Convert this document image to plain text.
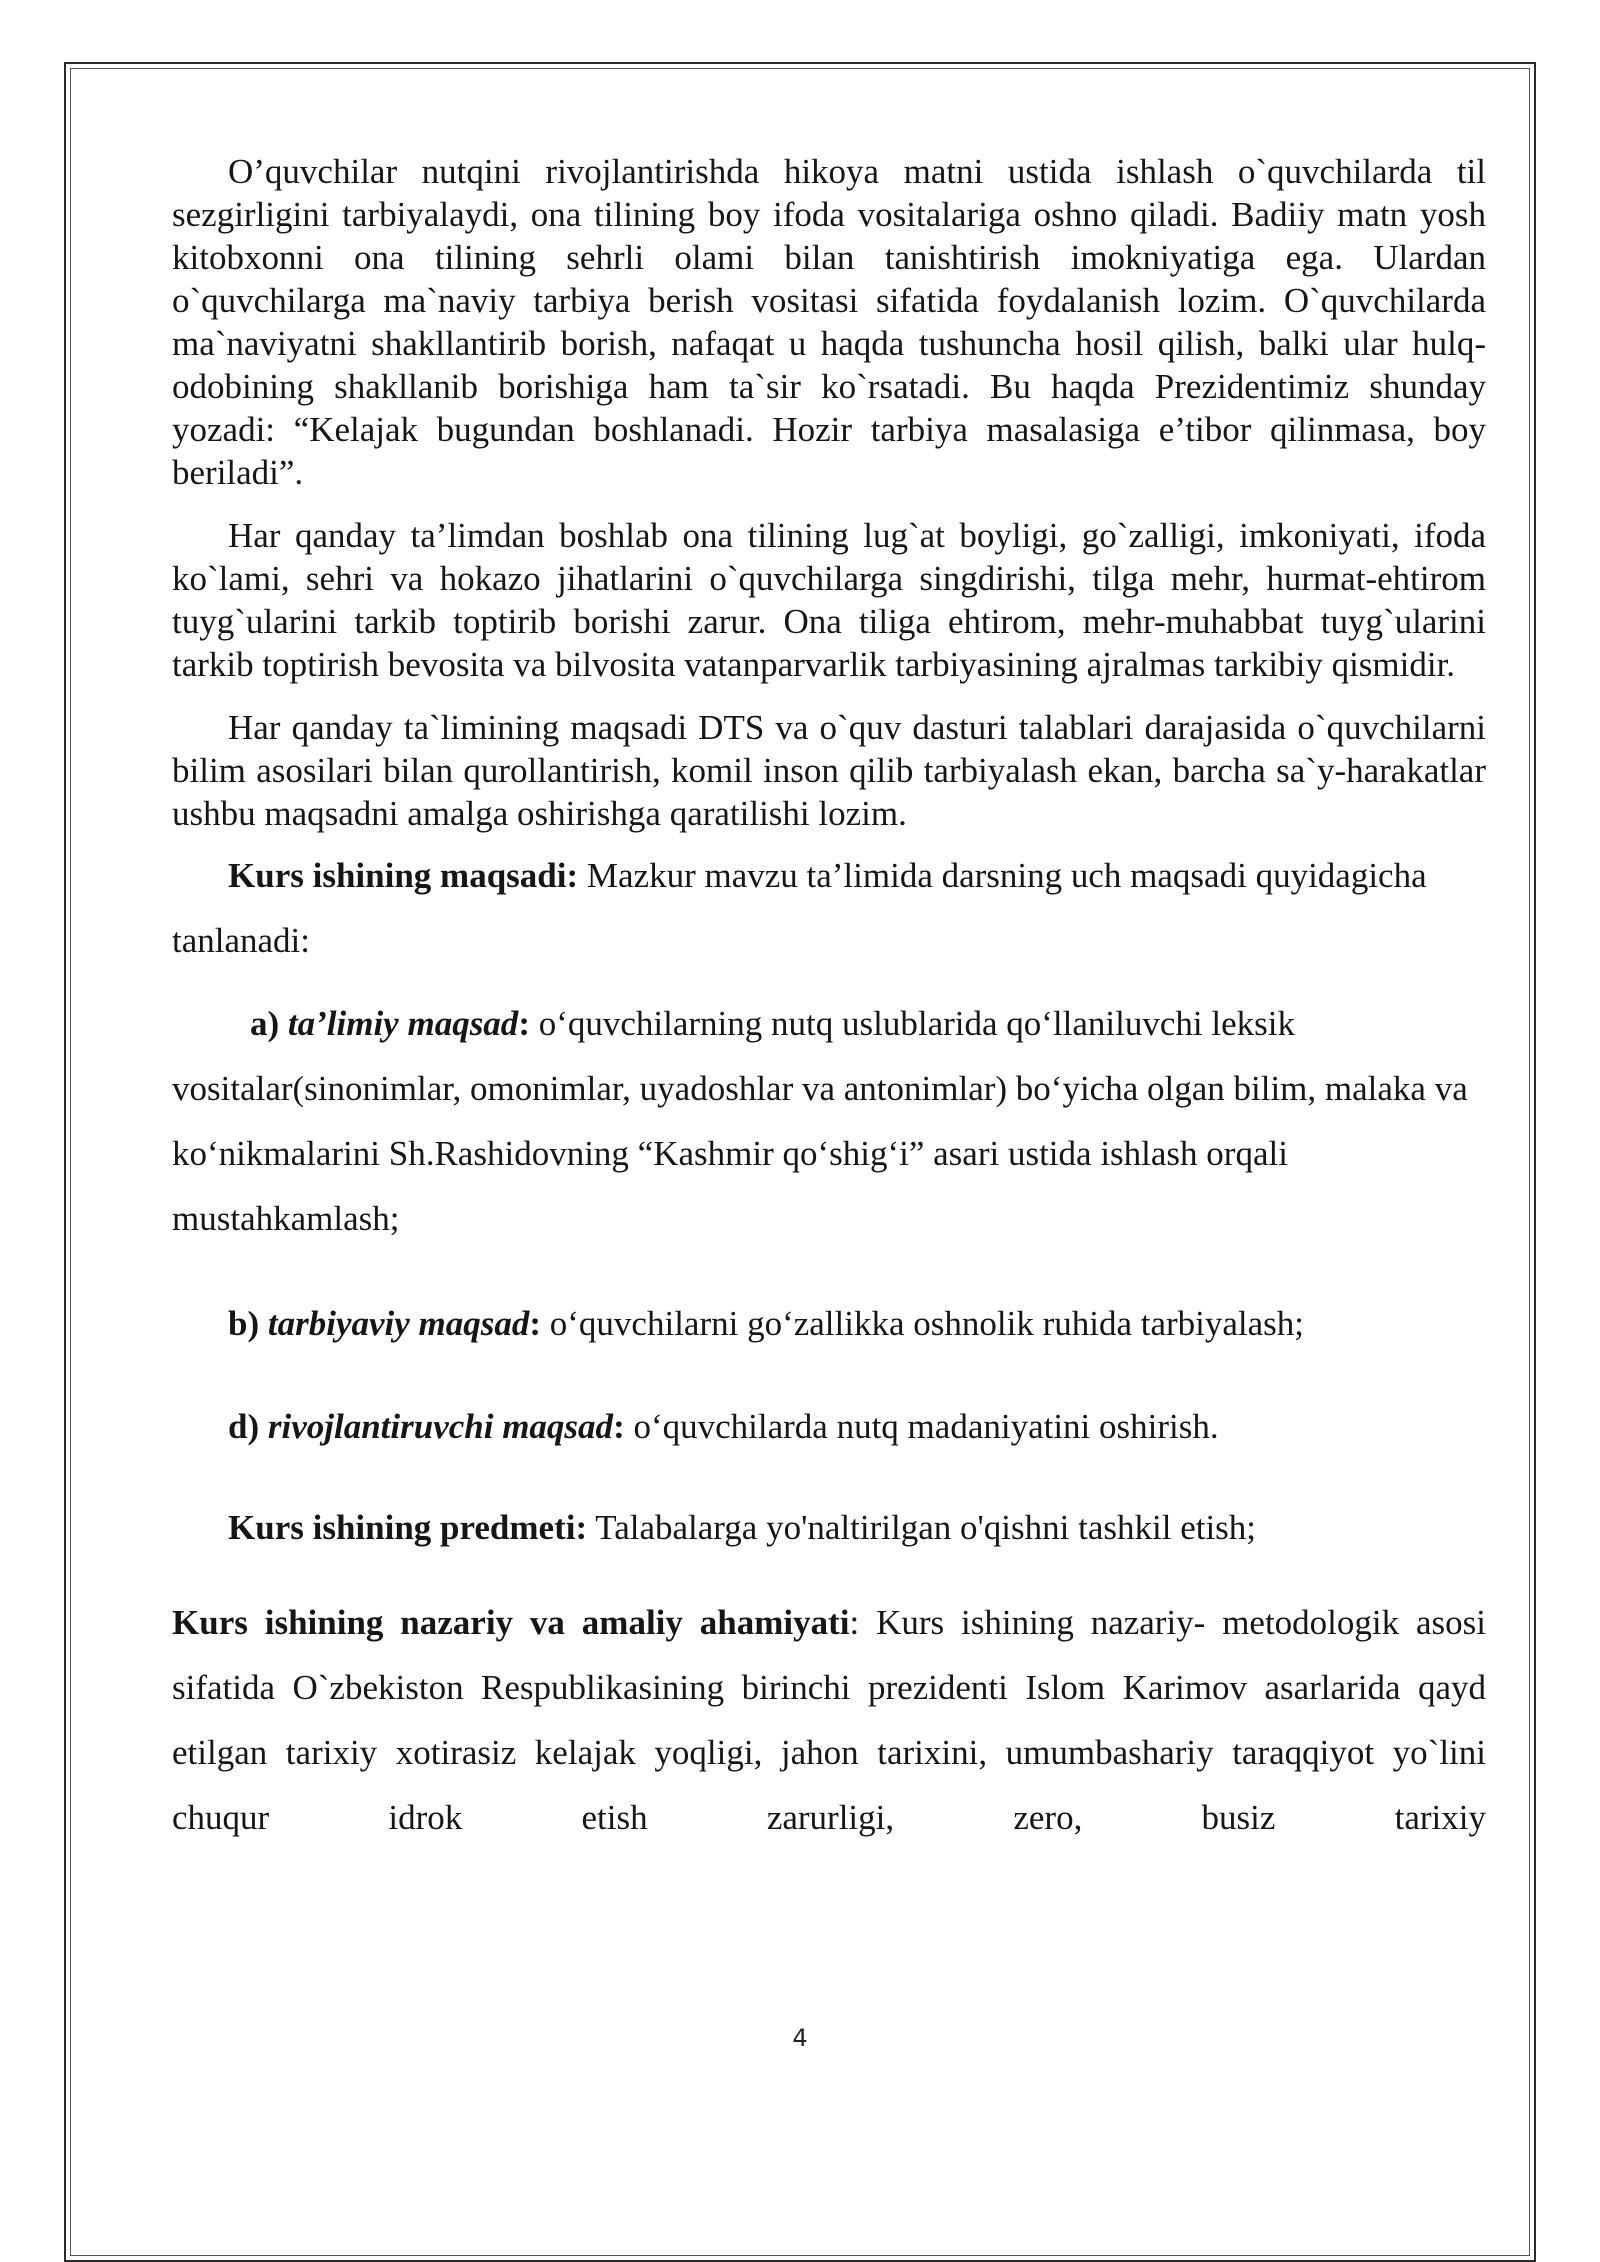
O’quvchilar nutqini rivojlantirishda hikoya matni ustida ishlash o`quvchilarda til sezgirligini tarbiyalaydi, ona tilining boy ifoda vositalariga oshno qiladi. Badiiy matn yosh kitobxonni ona tilining sehrli olami bilan tanishtirish imokniyatiga ega. Ulardan o`quvchilarga ma`naviy tarbiya berish vositasi sifatida foydalanish lozim. O`quvchilarda ma`naviyatni shakllantirib borish, nafaqat u haqda tushuncha hosil qilish, balki ular hulq-odobining shakllanib borishiga ham ta`sir ko`rsatadi. Bu haqda Prezidentimiz shunday yozadi: “Kelajak bugundan boshlanadi. Hozir tarbiya masalasiga e’tibor qilinmasa, boy beriladi”.

Har qanday ta’limdan boshlab ona tilining lug`at boyligi, go`zalligi, imkoniyati, ifoda ko`lami, sehri va hokazo jihatlarini o`quvchilarga singdirishi, tilga mehr, hurmat-ehtirom tuyg`ularini tarkib toptirib borishi zarur. Ona tiliga ehtirom, mehr-muhabbat tuyg`ularini tarkib toptirish bevosita va bilvosita vatanparvarlik tarbiyasining ajralmas tarkibiy qismidir.

Har qanday ta`limining maqsadi DTS va o`quv dasturi talablari darajasida o`quvchilarni bilim asosilari bilan qurollantirish, komil inson qilib tarbiyalash ekan, barcha sa`y-harakatlar ushbu maqsadni amalga oshirishga qaratilishi lozim.

Kurs ishining maqsadi: Mazkur mavzu ta’limida darsning uch maqsadi quyidagicha tanlanadi:

a) ta’limiy maqsad: o‘quvchilarning nutq uslublarida qo‘llaniluvchi leksik vositalar(sinonimlar, omonimlar, uyadoshlar va antonimlar) bo‘yicha olgan bilim, malaka va ko‘nikmalarini Sh.Rashidovning “Kashmir qo‘shig‘i” asari ustida ishlash orqali mustahkamlash;

b) tarbiyaviy maqsad: o‘quvchilarni go‘zallikka oshnolik ruhida tarbiyalash;

d) rivojlantiruvchi maqsad: o‘quvchilarda nutq madaniyatini oshirish.

Kurs ishining predmeti: Talabalarga yo'naltirilgan o'qishni tashkil etish;

Kurs ishining nazariy va amaliy ahamiyati: Kurs ishining nazariy- metodologik asosi sifatida O`zbekiston Respublikasining birinchi prezidenti Islom Karimov asarlarida qayd etilgan tarixiy xotirasiz kelajak yoqligi, jahon tarixini, umumbashariy taraqqiyot yo`lini chuqur idrok etish zarurligi, zero, busiz tarixiy

4
